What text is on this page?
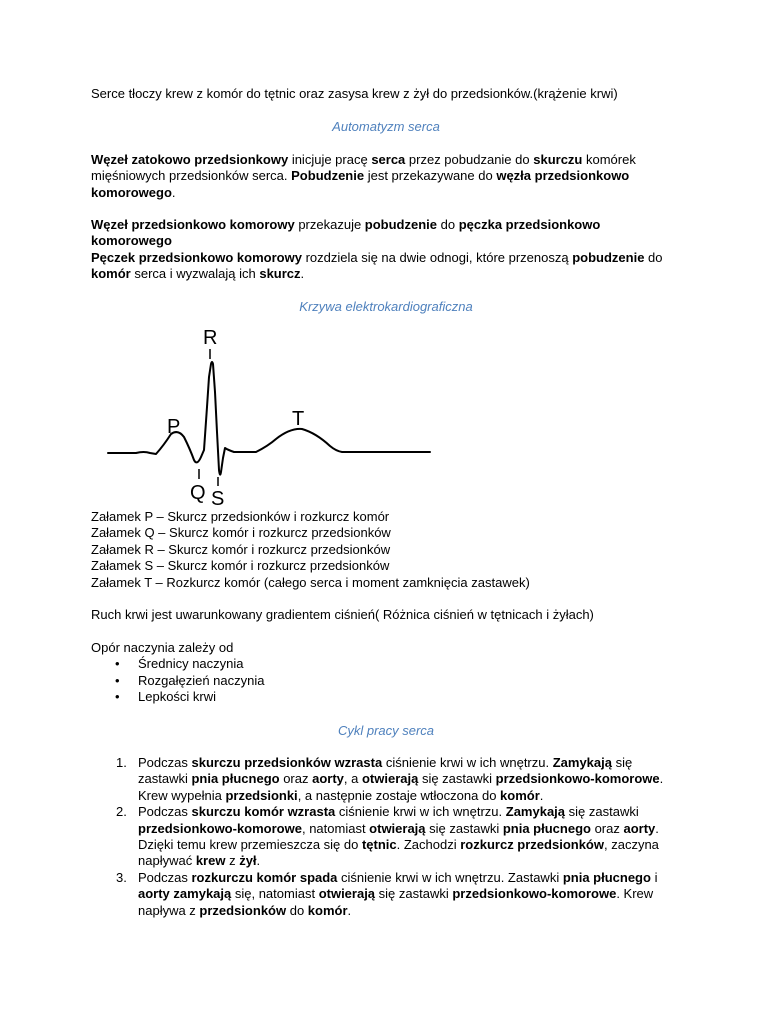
Serce tłoczy krew z komór do tętnic oraz zasysa krew z żył do przedsionków.(krążenie krwi)

Automatyzm serca

Węzeł zatokowo przedsionkowy inicjuje pracę serca przez pobudzanie do skurczu komórek mięśniowych przedsionków serca. Pobudzenie jest przekazywane do węzła przedsionkowo komorowego.

Węzeł przedsionkowo komorowy przekazuje pobudzenie do pęczka przedsionkowo komorowego

Pęczek przedsionkowo komorowy rozdziela się na dwie odnogi, które przenoszą pobudzenie do komór serca i wyzwalają ich skurcz.

Krzywa elektrokardiograficzna

R
P	T
Q S

Załamek P – Skurcz przedsionków i rozkurcz komór

Załamek Q – Skurcz komór i rozkurcz przedsionków

Załamek R – Skurcz komór i rozkurcz przedsionków

Załamek S – Skurcz komór i rozkurcz przedsionków

Załamek T – Rozkurcz komór (całego serca i moment zamknięcia zastawek)

Ruch krwi jest uwarunkowany gradientem ciśnień( Różnica ciśnień w tętnicach i żyłach)

Opór naczynia zależy od

• Średnicy naczynia
• Rozgałęzień naczynia
• Lepkości krwi

Cykl pracy serca

1. Podczas skurczu przedsionków wzrasta ciśnienie krwi w ich wnętrzu. Zamykają się zastawki pnia płucnego oraz aorty, a otwierają się zastawki przedsionkowo-komorowe. Krew wypełnia przedsionki, a następnie zostaje wtłoczona do komór.
2. Podczas skurczu komór wzrasta ciśnienie krwi w ich wnętrzu. Zamykają się zastawki przedsionkowo-komorowe, natomiast otwierają się zastawki pnia płucnego oraz aorty. Dzięki temu krew przemieszcza się do tętnic. Zachodzi rozkurcz przedsionków, zaczyna napływać krew z żył.
3. Podczas rozkurczu komór spada ciśnienie krwi w ich wnętrzu. Zastawki pnia płucnego i aorty zamykają się, natomiast otwierają się zastawki przedsionkowo-komorowe. Krew napływa z przedsionków do komór.
